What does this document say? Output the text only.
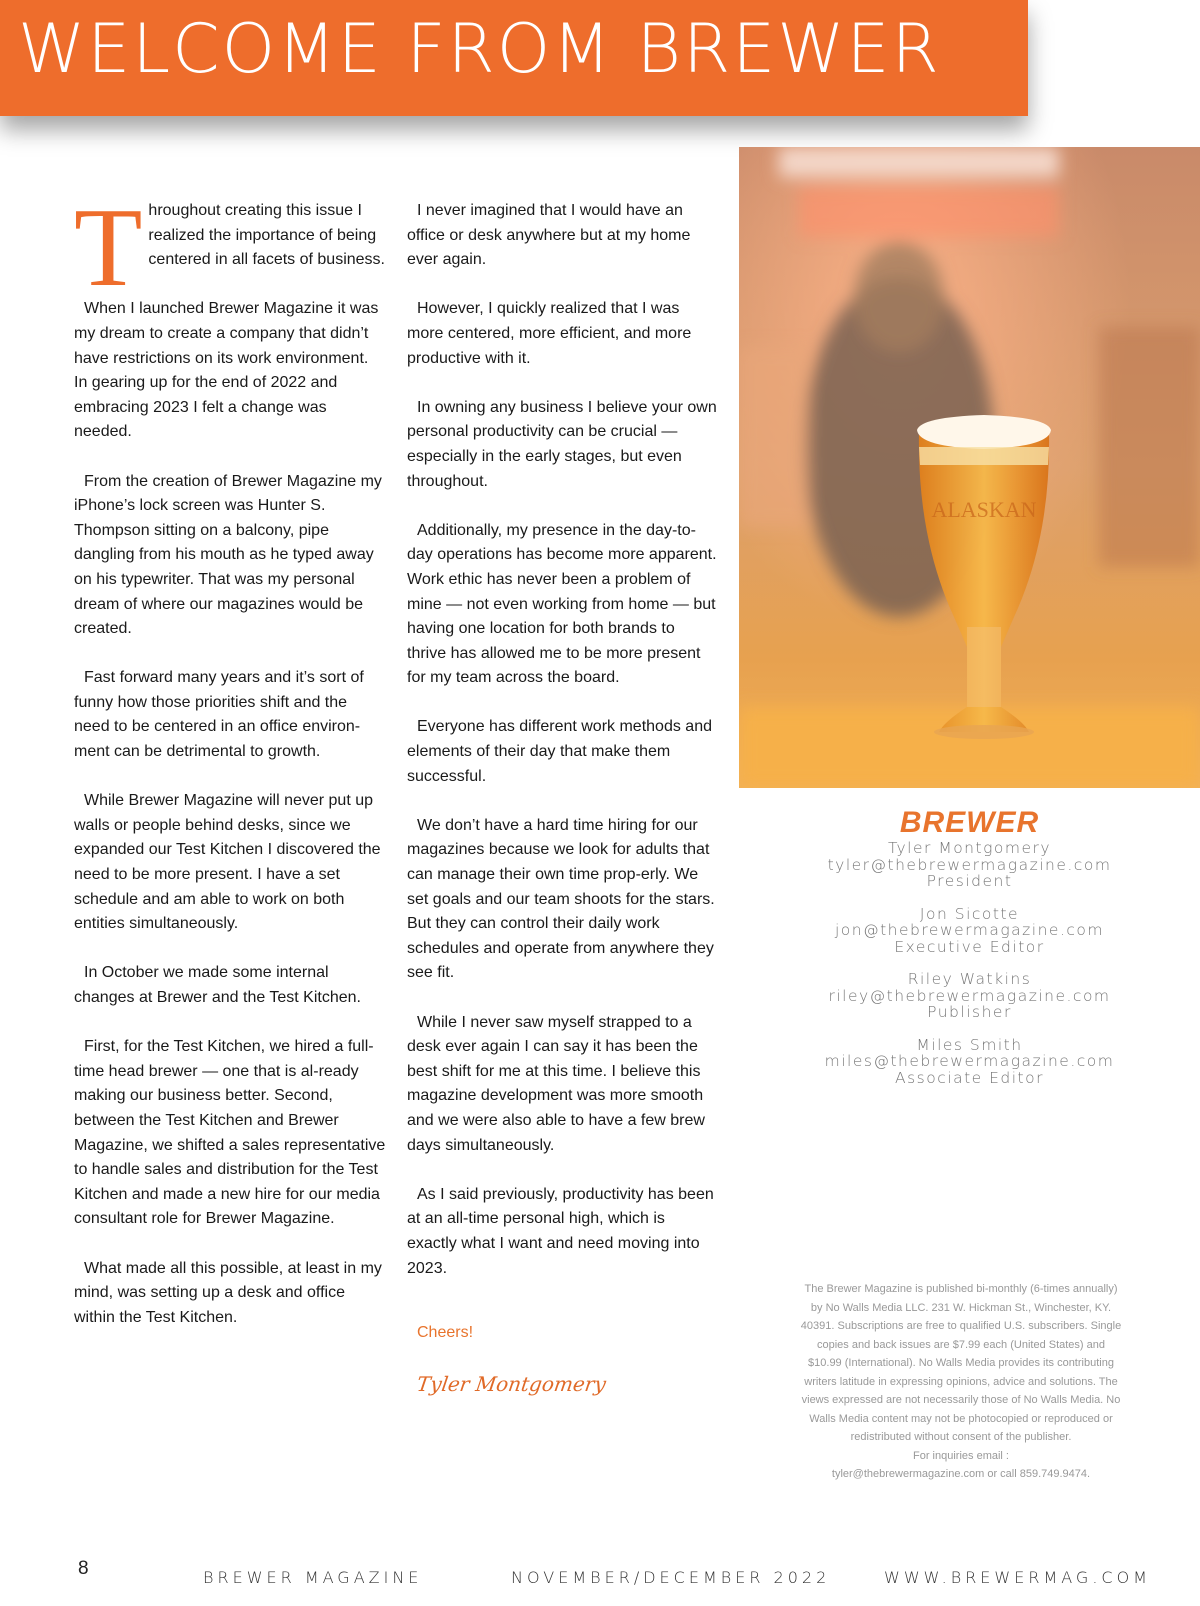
WELCOME FROM BREWER

Throughout creating this issue I realized the importance of being centered in all facets of business.

When I launched Brewer Magazine it was my dream to create a company that didn’t have restrictions on its work environment. In gearing up for the end of 2022 and embracing 2023 I felt a change was needed.

From the creation of Brewer Magazine my iPhone’s lock screen was Hunter S. Thompson sitting on a balcony, pipe dangling from his mouth as he typed away on his typewriter. That was my personal dream of where our magazines would be created.

Fast forward many years and it’s sort of funny how those priorities shift and the need to be centered in an office environ-ment can be detrimental to growth.

While Brewer Magazine will never put up walls or people behind desks, since we expanded our Test Kitchen I discovered the need to be more present. I have a set schedule and am able to work on both entities simultaneously.

In October we made some internal changes at Brewer and the Test Kitchen.

First, for the Test Kitchen, we hired a full-time head brewer — one that is al-ready making our business better. Second, between the Test Kitchen and Brewer Magazine, we shifted a sales representative to handle sales and distribution for the Test Kitchen and made a new hire for our media consultant role for Brewer Magazine.

What made all this possible, at least in my mind, was setting up a desk and office within the Test Kitchen.

I never imagined that I would have an office or desk anywhere but at my home ever again.

However, I quickly realized that I was more centered, more efficient, and more productive with it.

In owning any business I believe your own personal productivity can be crucial — especially in the early stages, but even throughout.

Additionally, my presence in the day-to-day operations has become more apparent. Work ethic has never been a problem of mine — not even working from home — but having one location for both brands to thrive has allowed me to be more present for my team across the board.

Everyone has different work methods and elements of their day that make them successful.

We don’t have a hard time hiring for our magazines because we look for adults that can manage their own time prop-erly. We set goals and our team shoots for the stars. But they can control their daily work schedules and operate from anywhere they see fit.

While I never saw myself strapped to a desk ever again I can say it has been the best shift for me at this time. I believe this magazine development was more smooth and we were also able to have a few brew days simultaneously.

As I said previously, productivity has been at an all-time personal high, which is exactly what I want and need moving into 2023.

Cheers!
Tyler Montgomery
ALASKAN
BREWER
Tyler Montgomery
tyler@thebrewermagazine.com
President
Jon Sicotte
jon@thebrewermagazine.com
Executive Editor
Riley Watkins
riley@thebrewermagazine.com
Publisher
Miles Smith
miles@thebrewermagazine.com
Associate Editor
The Brewer Magazine is published bi-monthly (6-times annually) by No Walls Media LLC. 231 W. Hickman St., Winchester, KY. 40391. Subscriptions are free to qualified U.S. subscribers. Single copies and back issues are $7.99 each (United States) and $10.99 (International). No Walls Media provides its contributing writers latitude in expressing opinions, advice and solutions. The views expressed are not necessarily those of No Walls Media. No Walls Media content may not be photocopied or reproduced or redistributed without consent of the publisher.
For inquiries email :
tyler@thebrewermagazine.com or call 859.749.9474.
8	BREWER MAGAZINE	NOVEMBER/DECEMBER 2022	WWW.BREWERMAG.COM
